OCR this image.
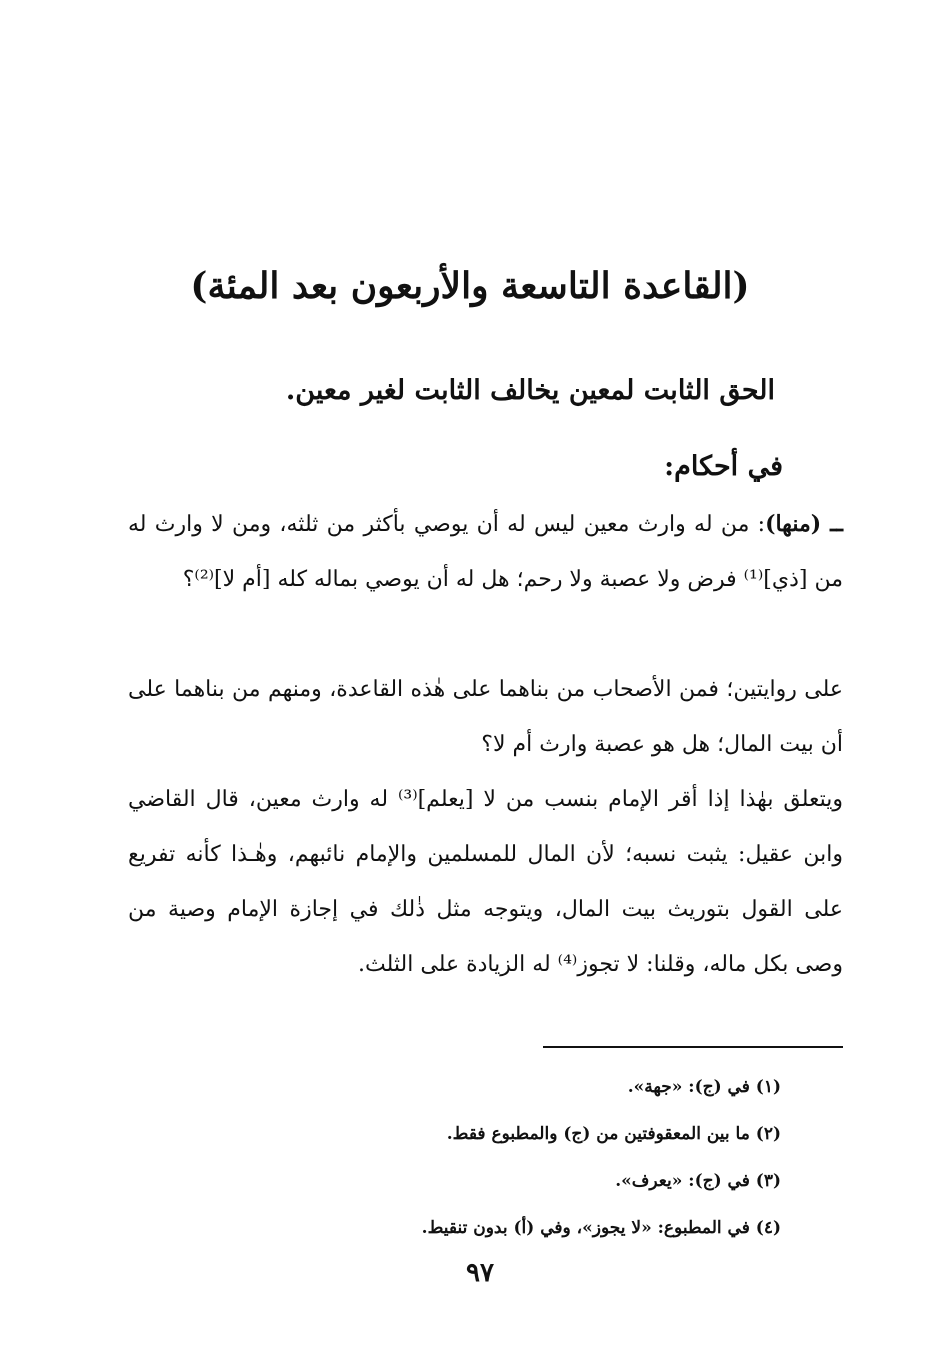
(القاعدة التاسعة والأربعون بعد المئة)

الحق الثابت لمعين يخالف الثابت لغير معين.

في أحكام:

ــ (منها): من له وارث معين ليس له أن يوصي بأكثر من ثلثه، ومن لا وارث له من [ذي]⁽¹⁾ فرض ولا عصبة ولا رحم؛ هل له أن يوصي بماله كله [أم لا]⁽²⁾؟

على روايتين؛ فمن الأصحاب من بناهما على هٰذه القاعدة، ومنهم من بناهما على أن بيت المال؛ هل هو عصبة وارث أم لا؟

ويتعلق بهٰذا إذا أقر الإمام بنسب من لا [يعلم]⁽³⁾ له وارث معين، قال القاضي وابن عقيل: يثبت نسبه؛ لأن المال للمسلمين والإمام نائبهم، وهٰـذا كأنه تفريع على القول بتوريث بيت المال، ويتوجه مثل ذٰلك في إجازة الإمام وصية من وصى بكل ماله، وقلنا: لا تجوز⁽⁴⁾ له الزيادة على الثلث.

(١) في (ج): «جهة».
(٢) ما بين المعقوفتين من (ج) والمطبوع فقط.
(٣) في (ج): «يعرف».
(٤) في المطبوع: «لا يجوز»، وفي (أ) بدون تنقيط.
٩٧
